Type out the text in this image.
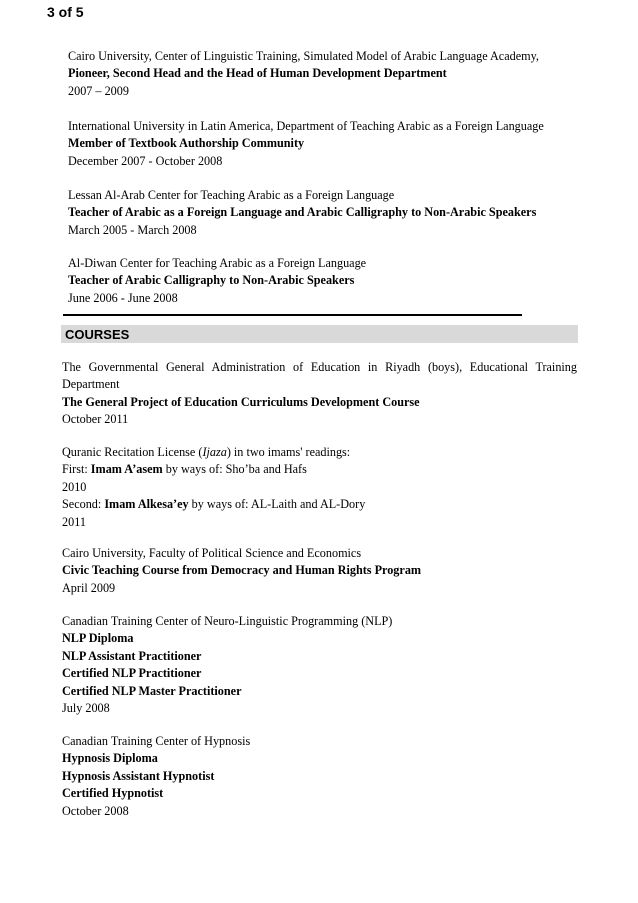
3 of 5
Cairo University, Center of Linguistic Training, Simulated Model of Arabic Language Academy,
Pioneer, Second Head and the Head of Human Development Department
2007 – 2009
International University in Latin America, Department of Teaching Arabic as a Foreign Language
Member of Textbook Authorship Community
December 2007 - October 2008
Lessan Al-Arab Center for Teaching Arabic as a Foreign Language
Teacher of Arabic as a Foreign Language and Arabic Calligraphy to Non-Arabic Speakers
March 2005 - March 2008
Al-Diwan Center for Teaching Arabic as a Foreign Language
Teacher of Arabic Calligraphy to Non-Arabic Speakers
June 2006 - June 2008
COURSES
The Governmental General Administration of Education in Riyadh (boys), Educational Training Department
The General Project of Education Curriculums Development Course
October 2011
Quranic Recitation License (Ijaza) in two imams' readings:
First: Imam A’asem by ways of: Sho’ba and Hafs
2010
Second: Imam Alkesa’ey by ways of: AL-Laith and AL-Dory
2011
Cairo University, Faculty of Political Science and Economics
Civic Teaching Course from Democracy and Human Rights Program
April 2009
Canadian Training Center of Neuro-Linguistic Programming (NLP)
NLP Diploma
NLP Assistant Practitioner
Certified NLP Practitioner
Certified NLP Master Practitioner
July 2008
Canadian Training Center of Hypnosis
Hypnosis Diploma
Hypnosis Assistant Hypnotist
Certified Hypnotist
October 2008
